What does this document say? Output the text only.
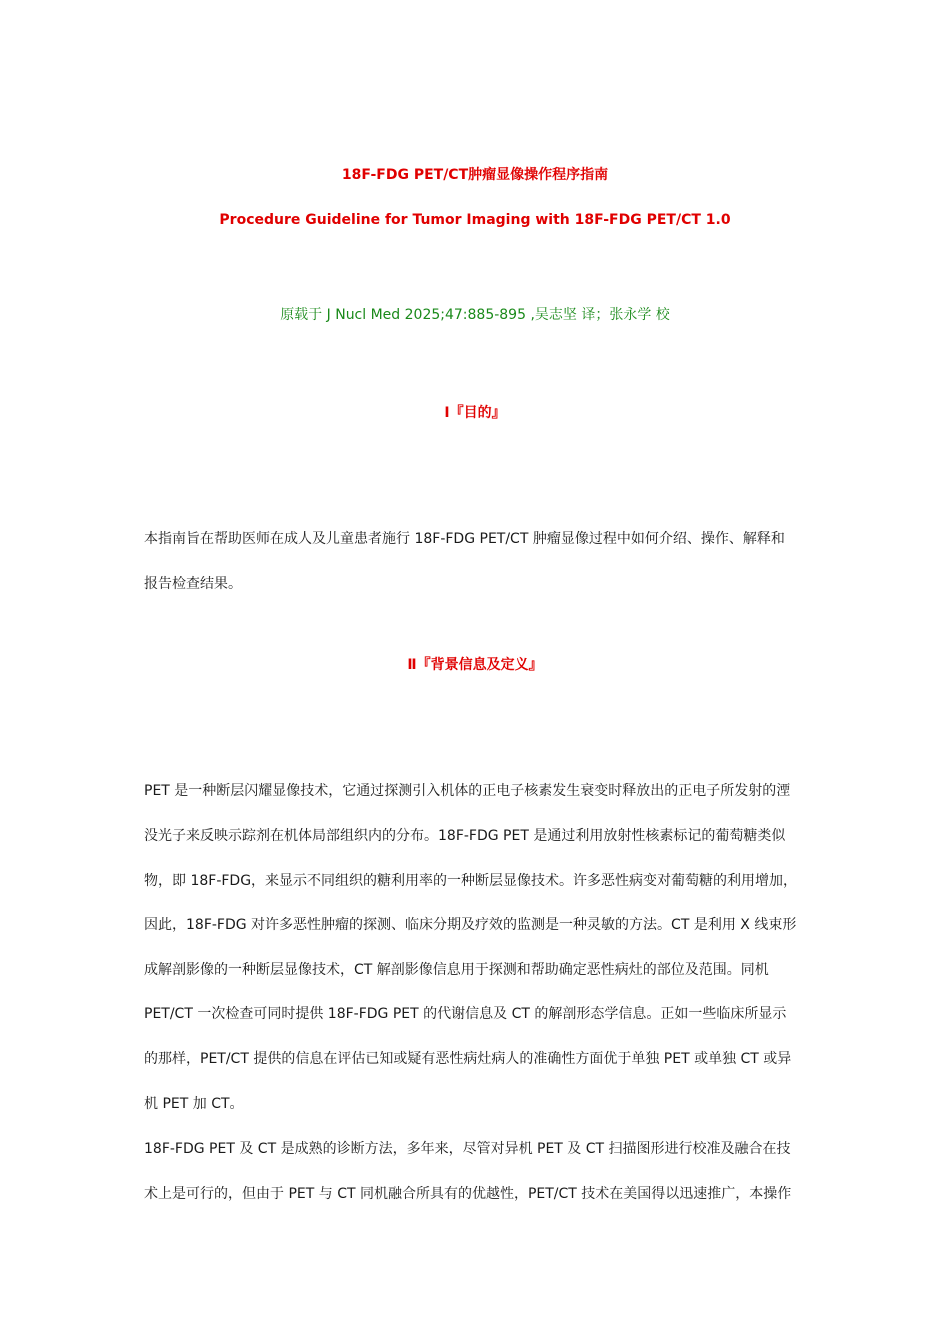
18F-FDG PET/CT肿瘤显像操作程序指南
Procedure Guideline for Tumor Imaging with 18F-FDG PET/CT 1.0
原载于 J Nucl Med 2025;47:885-895 ,吴志坚 译；张永学 校
Ⅰ『目的』
本指南旨在帮助医师在成人及儿童患者施行 18F-FDG PET/CT 肿瘤显像过程中如何介绍、操作、解释和
报告检查结果。
Ⅱ『背景信息及定义』
PET 是一种断层闪耀显像技术，它通过探测引入机体的正电子核素发生衰变时释放出的正电子所发射的湮
没光子来反映示踪剂在机体局部组织内的分布。18F-FDG PET 是通过利用放射性核素标记的葡萄糖类似
物，即 18F-FDG，来显示不同组织的糖利用率的一种断层显像技术。许多恶性病变对葡萄糖的利用增加，
因此，18F-FDG 对许多恶性肿瘤的探测、临床分期及疗效的监测是一种灵敏的方法。CT 是利用 X 线束形
成解剖影像的一种断层显像技术，CT 解剖影像信息用于探测和帮助确定恶性病灶的部位及范围。同机
PET/CT 一次检查可同时提供 18F-FDG PET 的代谢信息及 CT 的解剖形态学信息。正如一些临床所显示
的那样，PET/CT 提供的信息在评估已知或疑有恶性病灶病人的准确性方面优于单独 PET 或单独 CT 或异
机 PET 加 CT。
18F-FDG PET 及 CT 是成熟的诊断方法，多年来，尽管对异机 PET 及 CT 扫描图形进行校准及融合在技
术上是可行的，但由于 PET 与 CT 同机融合所具有的优越性，PET/CT 技术在美国得以迅速推广，本操作
